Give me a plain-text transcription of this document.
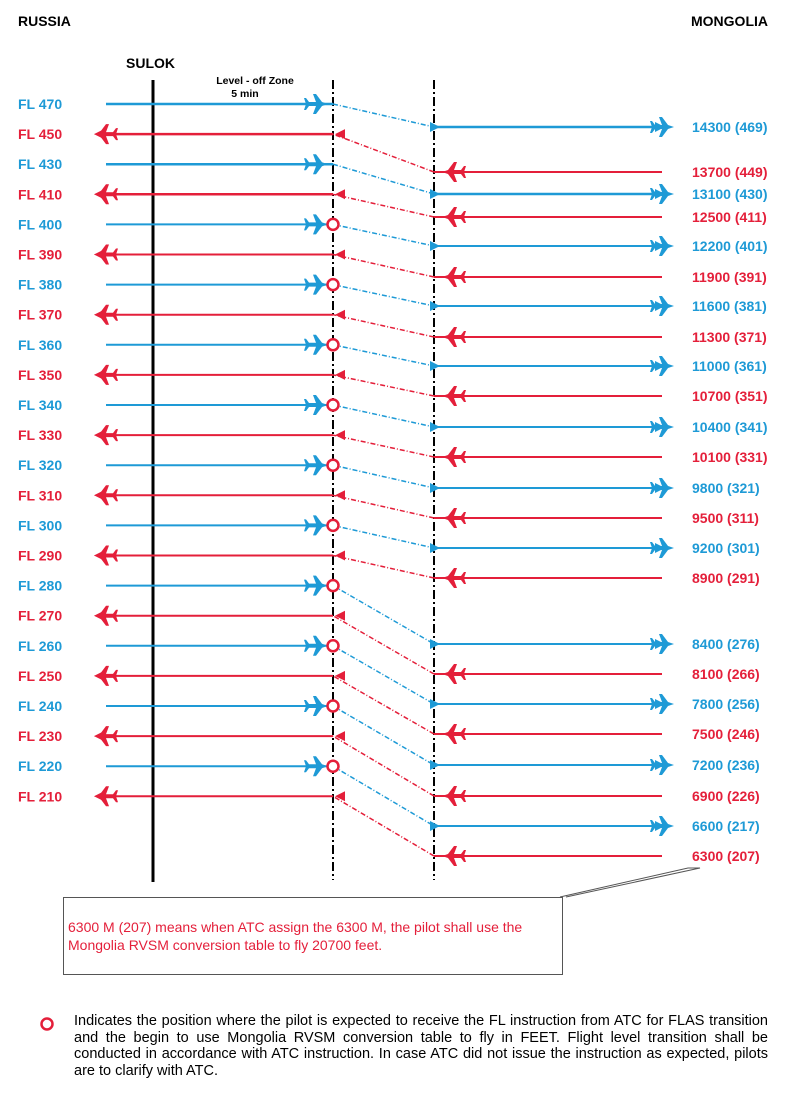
RUSSIA	MONGOLIA
SULOK
Level - off Zone
5 min
FL 470
14300 (469)
FL 450
13700 (449)
FL 430
13100 (430)
FL 410
12500 (411)
FL 400
12200 (401)
FL 390
11900 (391)
FL 380
11600 (381)
FL 370
11300 (371)
FL 360
11000 (361)
FL 350
10700 (351)
FL 340
10400 (341)
FL 330
10100 (331)
FL 320
9800 (321)
FL 310
9500 (311)
FL 300
9200 (301)
FL 290
8900 (291)
FL 280
8400 (276)
FL 270
8100 (266)
FL 260
7800 (256)
FL 250
7500 (246)
FL 240
7200 (236)
FL 230
6900 (226)
FL 220
6600 (217)
FL 210
6300 (207)
6300 M (207) means when ATC assign the 6300 M, the pilot shall use the Mongolia RVSM conversion table to fly 20700 feet.
Indicates the position where the pilot is expected to receive the FL instruction from ATC for FLAS transition and the begin to use Mongolia RVSM conversion table to fly in FEET. Flight level transition shall be conducted in accordance with ATC instruction. In case ATC did not issue the instruction as expected, pilots are to clarify with ATC.
